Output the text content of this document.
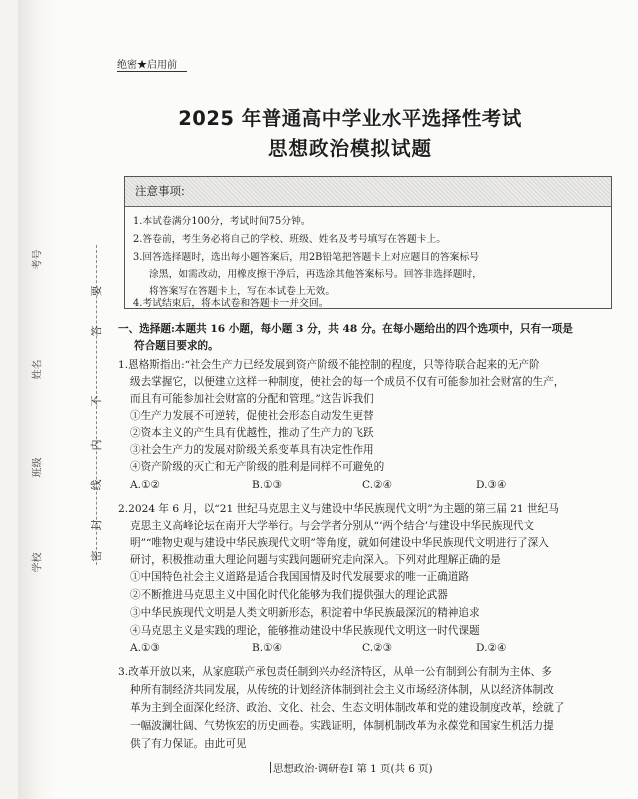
考号
姓名
班级
学校
要
答
不
内
线
封
密
绝密★启用前
2025 年普通高中学业水平选择性考试
思想政治模拟试题
注意事项:
1.本试卷满分100分，考试时间75分钟。
2.答卷前，考生务必将自己的学校、班级、姓名及考号填写在答题卡上。
3.回答选择题时，选出每小题答案后，用2B铅笔把答题卡上对应题目的答案标号
涂黑，如需改动，用橡皮擦干净后，再选涂其他答案标号。回答非选择题时，
将答案写在答题卡上，写在本试卷上无效。
4.考试结束后，将本试卷和答题卡一并交回。
一、选择题:本题共 16 小题，每小题 3 分，共 48 分。在每小题给出的四个选项中，只有一项是
符合题目要求的。
1.恩格斯指出:“社会生产力已经发展到资产阶级不能控制的程度，只等待联合起来的无产阶
级去掌握它，以便建立这样一种制度，使社会的每一个成员不仅有可能参加社会财富的生产，
而且有可能参加社会财富的分配和管理。”这告诉我们
①生产力发展不可逆转，促使社会形态自动发生更替
②资本主义的产生具有优越性，推动了生产力的飞跃
③社会生产力的发展对阶级关系变革具有决定性作用
④资产阶级的灭亡和无产阶级的胜利是同样不可避免的
A.①②	B.①③	C.②④	D.③④
2.2024 年 6 月，以“21 世纪马克思主义与建设中华民族现代文明”为主题的第三届 21 世纪马
克思主义高峰论坛在南开大学举行。与会学者分别从“‘两个结合’与建设中华民族现代文
明”“唯物史观与建设中华民族现代文明”等角度，就如何建设中华民族现代文明进行了深入
研讨，积极推动重大理论问题与实践问题研究走向深入。下列对此理解正确的是
①中国特色社会主义道路是适合我国国情及时代发展要求的唯一正确道路
②不断推进马克思主义中国化时代化能够为我们提供强大的理论武器
③中华民族现代文明是人类文明新形态，积淀着中华民族最深沉的精神追求
④马克思主义是实践的理论，能够推动建设中华民族现代文明这一时代课题
A.①③	B.①④	C.②③	D.②④
3.改革开放以来，从家庭联产承包责任制到兴办经济特区，从单一公有制到公有制为主体、多
种所有制经济共同发展，从传统的计划经济体制到社会主义市场经济体制，从以经济体制改
革为主到全面深化经济、政治、文化、社会、生态文明体制改革和党的建设制度改革，绘就了
一幅波澜壮阔、气势恢宏的历史画卷。实践证明，体制机制改革为永葆党和国家生机活力提
供了有力保证。由此可见
思想政治·调研卷Ⅰ 第 1 页(共 6 页)
